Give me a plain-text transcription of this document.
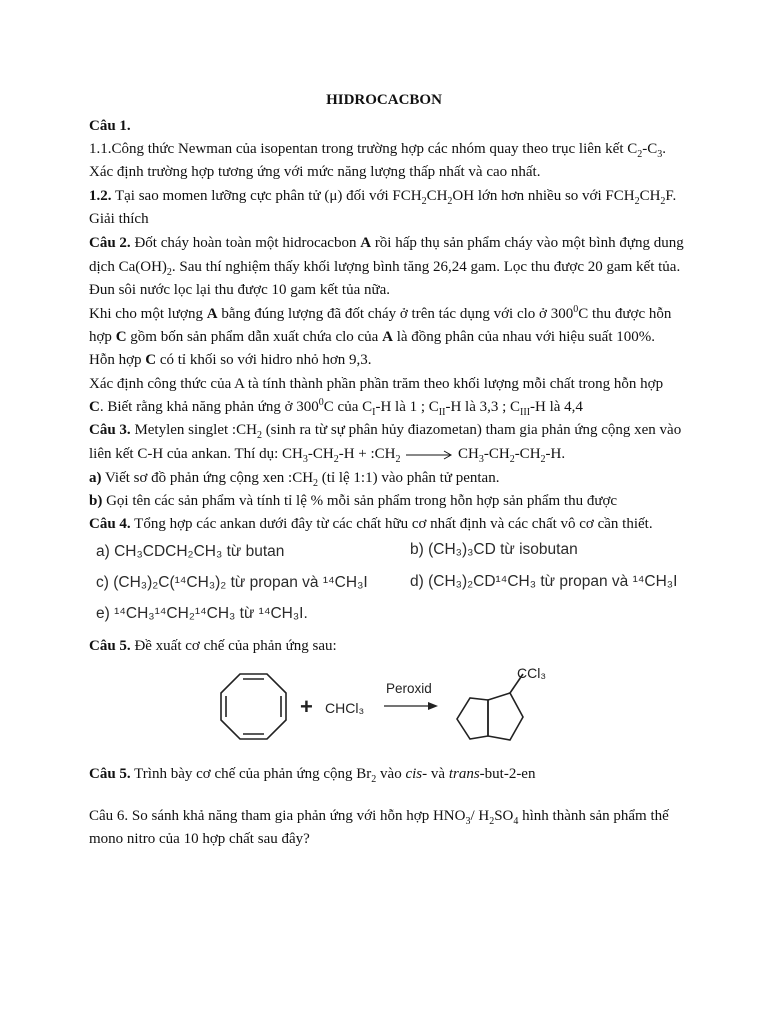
HIDROCACBON
Câu 1.
1.1.Công thức Newman của isopentan trong trường hợp các nhóm quay theo trục liên kết $C_2-C_3$.
Xác định trường hợp tương ứng với mức năng lượng thấp nhất và cao nhất.
1.2. Tại sao momen lưỡng cực phân tử (μ) đối với $FCH_2CH_2OH$ lớn hơn nhiều so với $FCH_2CH_2F$.
Giải thích
Câu 2. Đốt cháy hoàn toàn một hidrocacbon A rồi hấp thụ sản phẩm cháy vào một bình đựng dung
dịch $Ca(OH)_2$. Sau thí nghiệm thấy khối lượng bình tăng 26,24 gam. Lọc thu được 20 gam kết tủa.
Đun sôi nước lọc lại thu được 10 gam kết tủa nữa.
Khi cho một lượng A bằng đúng lượng đã đốt cháy ở trên tác dụng với clo ở $300^0C$ thu được hỗn
hợp C gồm bốn sản phẩm dẫn xuất chứa clo của A là đồng phân của nhau với hiệu suất 100%.
Hỗn hợp C có tỉ khối so với hidro nhỏ hơn 9,3.
Xác định công thức của A tà tính thành phần phần trăm theo khối lượng mỗi chất trong hỗn hợp
C. Biết rằng khả năng phản ứng ở $300^0C$ của $C_I-H$ là 1 ; $C_{II}-H$ là 3,3 ; $C_{III}-H$ là 4,4
Câu 3. Metylen singlet $:CH_2$ (sinh ra từ sự phân hủy điazometan) tham gia phản ứng cộng xen vào
liên kết C-H của ankan. Thí dụ: $CH_3-CH_2-H$ + $:CH_2 \to CH_3-CH_2-CH_2-H$.
a) Viết sơ đồ phản ứng cộng xen $:CH_2$ (tỉ lệ 1:1) vào phân tử pentan.
b) Gọi tên các sản phẩm và tính tỉ lệ % mỗi sản phẩm trong hỗn hợp sản phẩm thu được
Câu 4. Tổng hợp các ankan dưới đây từ các chất hữu cơ nhất định và các chất vô cơ cần thiết.
a) CH₃CDCH₂CH₃ từ butan	b) (CH₃)₃CD từ isobutan
c) (CH₃)₂C(¹⁴CH₃)₂ từ propan và ¹⁴CH₃I	d) (CH₃)₂CD¹⁴CH₃ từ propan và ¹⁴CH₃I
e) ¹⁴CH₃¹⁴CH₂¹⁴CH₃ từ ¹⁴CH₃I.
Câu 5. Đề xuất cơ chế của phản ứng sau:
+ CHCl₃
Peroxid
CCl₃
Câu 5. Trình bày cơ chế của phản ứng cộng $Br_2$ vào cis- và trans-but-2-en
Câu 6. So sánh khả năng tham gia phản ứng với hỗn hợp $HNO_3/$ $H_2SO_4$ hình thành sản phẩm thế
mono nitro của 10 hợp chất sau đây?
